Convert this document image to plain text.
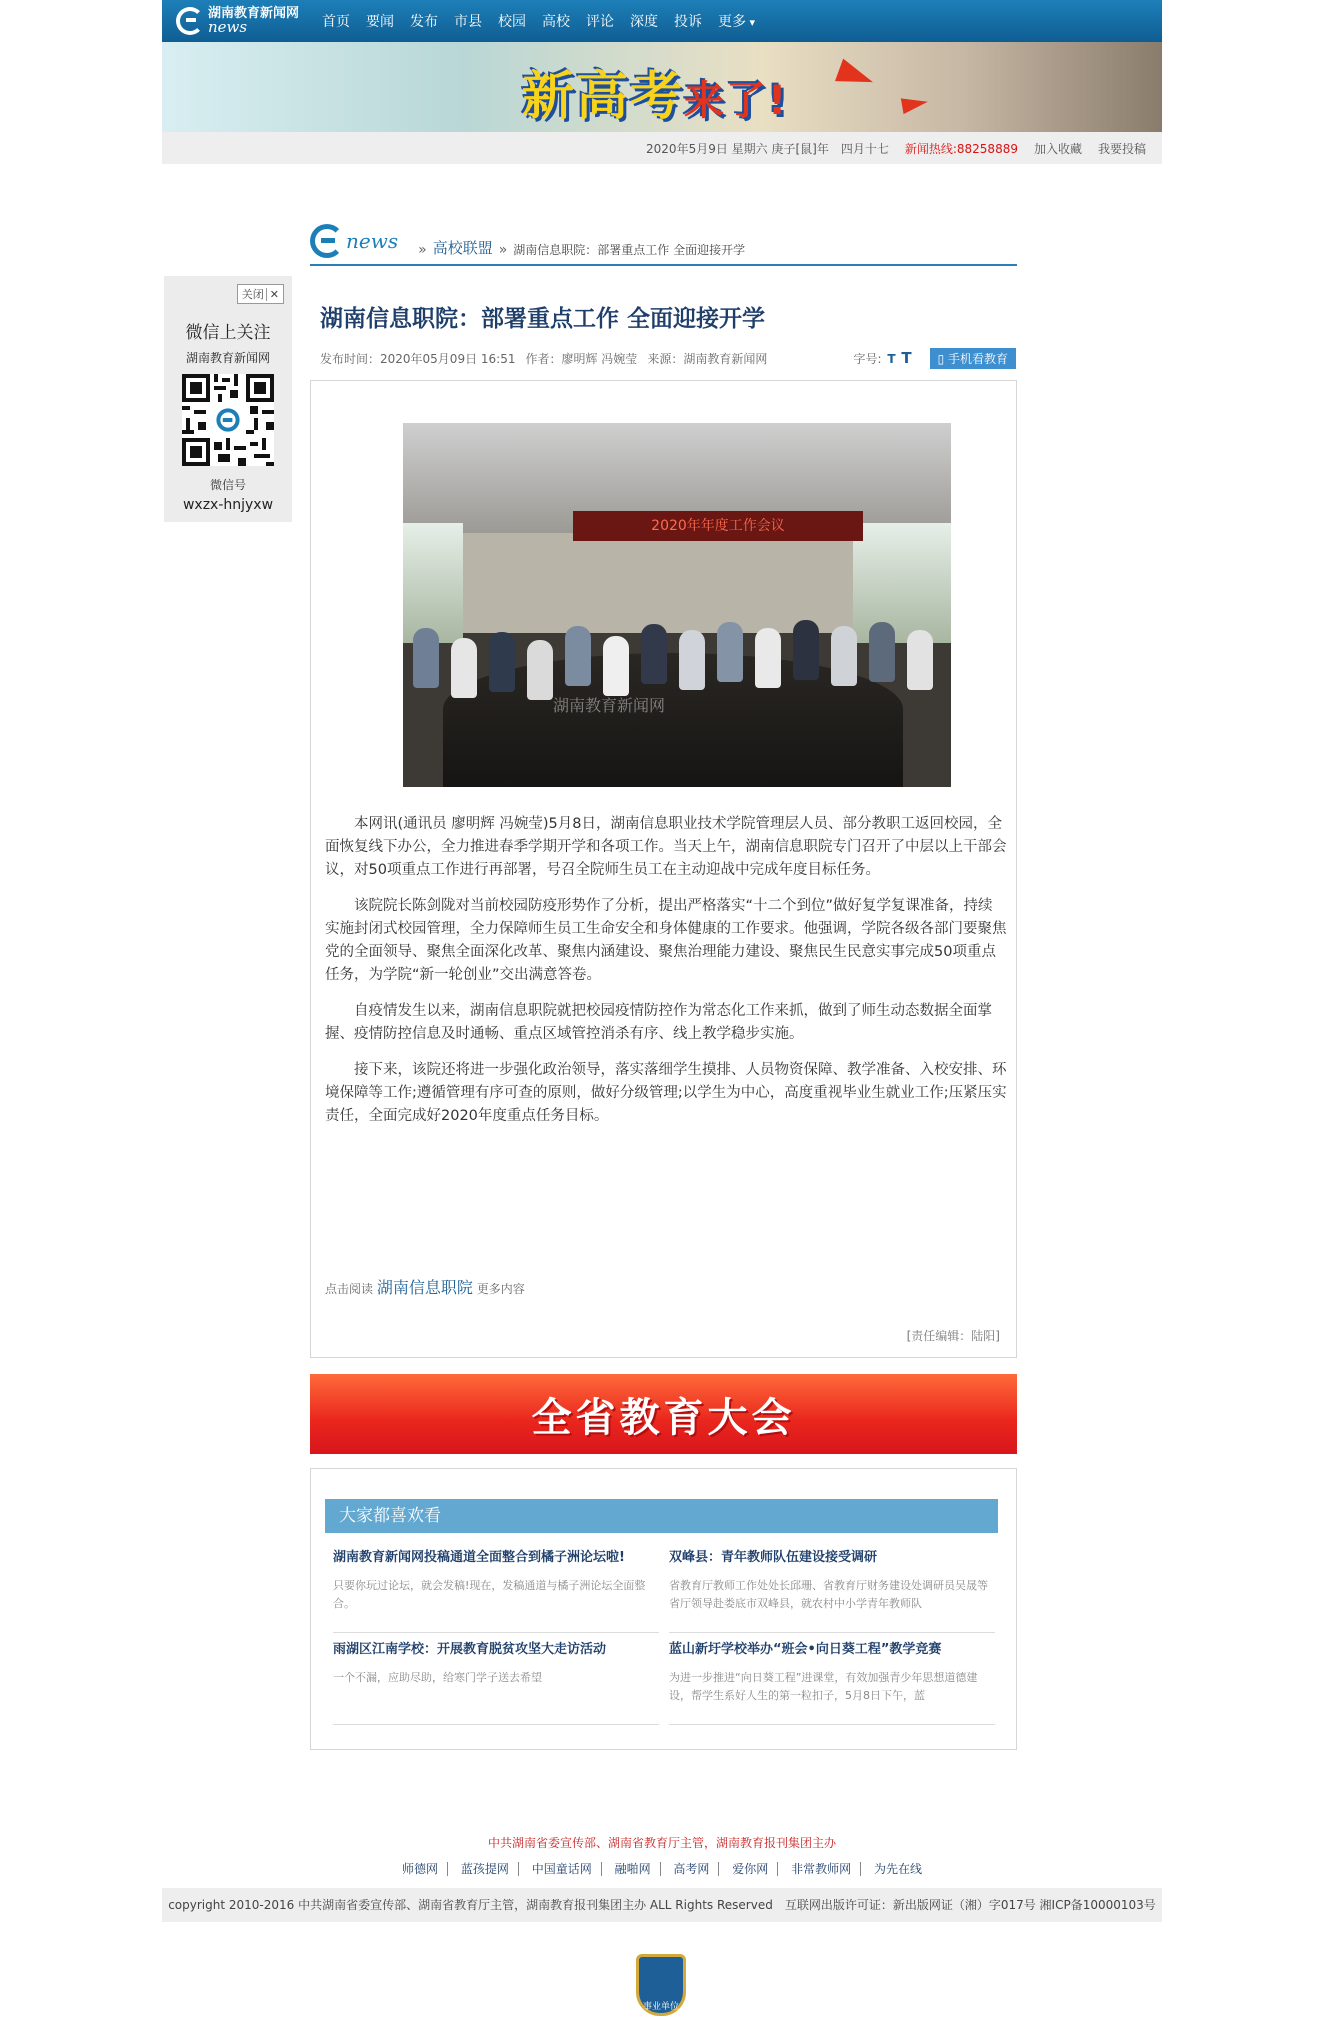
湖南教育新闻网
news	首页	要闻	发布	市县	校园	高校	评论	深度	投诉	更多 ▾
新高考来了!
2020年5月9日 星期六 庚子[鼠]年　四月十七 新闻热线:88258889 加入收藏 我要投稿
news » 高校联盟 » 湖南信息职院：部署重点工作 全面迎接开学
关闭 ✕
微信上关注
湖南教育新闻网
微信号
wxzx-hnjyxw
湖南信息职院：部署重点工作 全面迎接开学
发布时间：2020年05月09日 16:51 作者：廖明辉 冯婉莹 来源：湖南教育新闻网	字号: T T
▯	手机看教育
2020年年度工作会议
湖南教育新闻网

本网讯(通讯员 廖明辉 冯婉莹)5月8日，湖南信息职业技术学院管理层人员、部分教职工返回校园，全面恢复线下办公，全力推进春季学期开学和各项工作。当天上午，湖南信息职院专门召开了中层以上干部会议，对50项重点工作进行再部署，号召全院师生员工在主动迎战中完成年度目标任务。

该院院长陈剑陇对当前校园防疫形势作了分析，提出严格落实“十二个到位”做好复学复课准备，持续实施封闭式校园管理，全力保障师生员工生命安全和身体健康的工作要求。他强调，学院各级各部门要聚焦党的全面领导、聚焦全面深化改革、聚焦内涵建设、聚焦治理能力建设、聚焦民生民意实事完成50项重点任务，为学院“新一轮创业”交出满意答卷。

自疫情发生以来，湖南信息职院就把校园疫情防控作为常态化工作来抓，做到了师生动态数据全面掌握、疫情防控信息及时通畅、重点区域管控消杀有序、线上教学稳步实施。

接下来，该院还将进一步强化政治领导，落实落细学生摸排、人员物资保障、教学准备、入校安排、环境保障等工作;遵循管理有序可查的原则，做好分级管理;以学生为中心，高度重视毕业生就业工作;压紧压实责任，全面完成好2020年度重点任务目标。

点击阅读 湖南信息职院 更多内容
[责任编辑：陆阳]
全省教育大会
大家都喜欢看
湖南教育新闻网投稿通道全面整合到橘子洲论坛啦!
只要你玩过论坛，就会发稿!现在，发稿通道与橘子洲论坛全面整合。
双峰县：青年教师队伍建设接受调研
省教育厅教师工作处处长邱珊、省教育厅财务建设处调研员吴晟等省厅领导赴娄底市双峰县，就农村中小学青年教师队
雨湖区江南学校：开展教育脱贫攻坚大走访活动
一个不漏，应助尽助，给寒门学子送去希望
蓝山新圩学校举办“班会•向日葵工程”教学竞赛
为进一步推进“向日葵工程”进课堂，有效加强青少年思想道德建设，帮学生系好人生的第一粒扣子，5月8日下午，蓝
中共湖南省委宣传部、湖南省教育厅主管，湖南教育报刊集团主办
师德网 蓝孩提网 中国童话网 融啪网 高考网 爱你网 非常教师网 为先在线
copyright 2010-2016 中共湖南省委宣传部、湖南省教育厅主管，湖南教育报刊集团主办 ALL Rights Reserved　互联网出版许可证：新出版网证（湘）字017号 湘ICP备10000103号
事业单位
